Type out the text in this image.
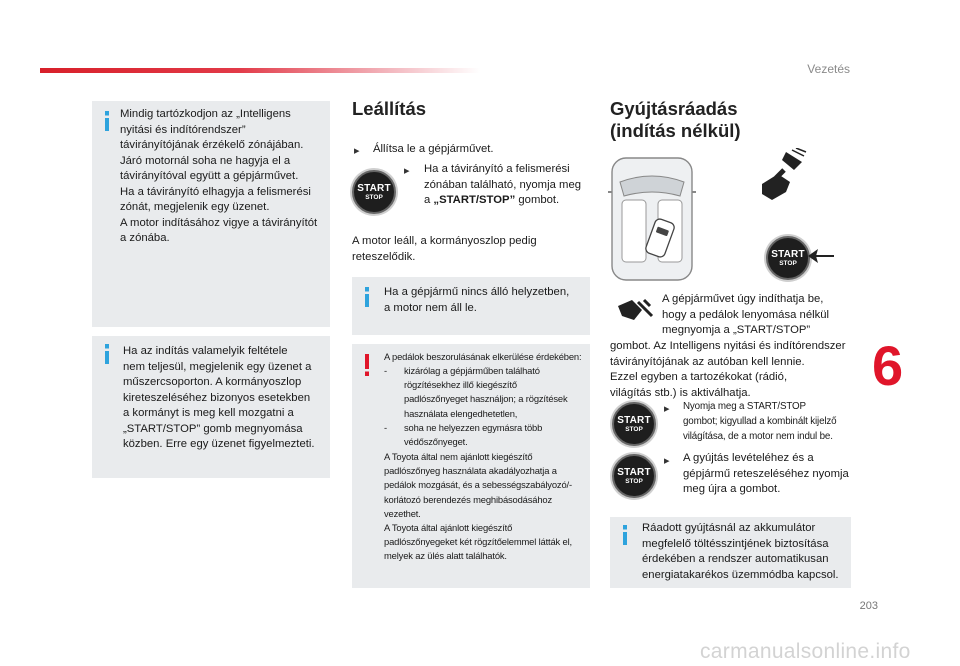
Vezetés
6
203
carmanualsonline.info
Mindig tartózkodjon az „Intelligens
nyitási és indítórendszer”
távirányítójának érzékelő zónájában.
Járó motornál soha ne hagyja el a
távirányítóval együtt a gépjárművet.
Ha a távirányító elhagyja a felismerési
zónát, megjelenik egy üzenet.
A motor indításához vigye a távirányítót
a zónába.
Ha az indítás valamelyik feltétele
nem teljesül, megjelenik egy üzenet a
műszercsoporton. A kormányoszlop
kireteszeléséhez bizonyos esetekben
a kormányt is meg kell mozgatni a
„START/STOP” gomb megnyomása
közben. Erre egy üzenet figyelmezteti.
Leállítás
▸ Állítsa le a gépjárművet.
START
STOP
▸ Ha a távirányító a felismerési
zónában található, nyomja meg
a „START/STOP” gombot.
A motor leáll, a kormányoszlop pedig
reteszelődik.
Ha a gépjármű nincs álló helyzetben,
a motor nem áll le.
A pedálok beszorulásának elkerülése érdekében:
- kizárólag a gépjárműben található
rögzítésekhez illő kiegészítő
padlószőnyeget használjon; a rögzítések
használata elengedhetetlen,
- soha ne helyezzen egymásra több
védőszőnyeget.
A Toyota által nem ajánlott kiegészítő
padlószőnyeg használata akadályozhatja a
pedálok mozgását, és a sebességszabályozó/-
korlátozó berendezés meghibásodásához
vezethet.
A Toyota által ajánlott kiegészítő
padlószőnyegeket két rögzítőelemmel látták el,
melyek az ülés alatt találhatók.
Gyújtásráadás
(indítás nélkül)
START
STOP
A gépjárművet úgy indíthatja be,
hogy a pedálok lenyomása nélkül
megnyomja a „START/STOP”
gombot. Az Intelligens nyitási és indítórendszer
távirányítójának az autóban kell lennie.
Ezzel egyben a tartozékokat (rádió,
világítás stb.) is aktiválhatja.
START
STOP
▸ Nyomja meg a START/STOP
gombot; kigyullad a kombinált kijelző
világítása, de a motor nem indul be.
START
STOP
▸ A gyújtás levételéhez és a
gépjármű reteszeléséhez nyomja
meg újra a gombot.
Ráadott gyújtásnál az akkumulátor
megfelelő töltésszintjének biztosítása
érdekében a rendszer automatikusan
energiatakarékos üzemmódba kapcsol.
